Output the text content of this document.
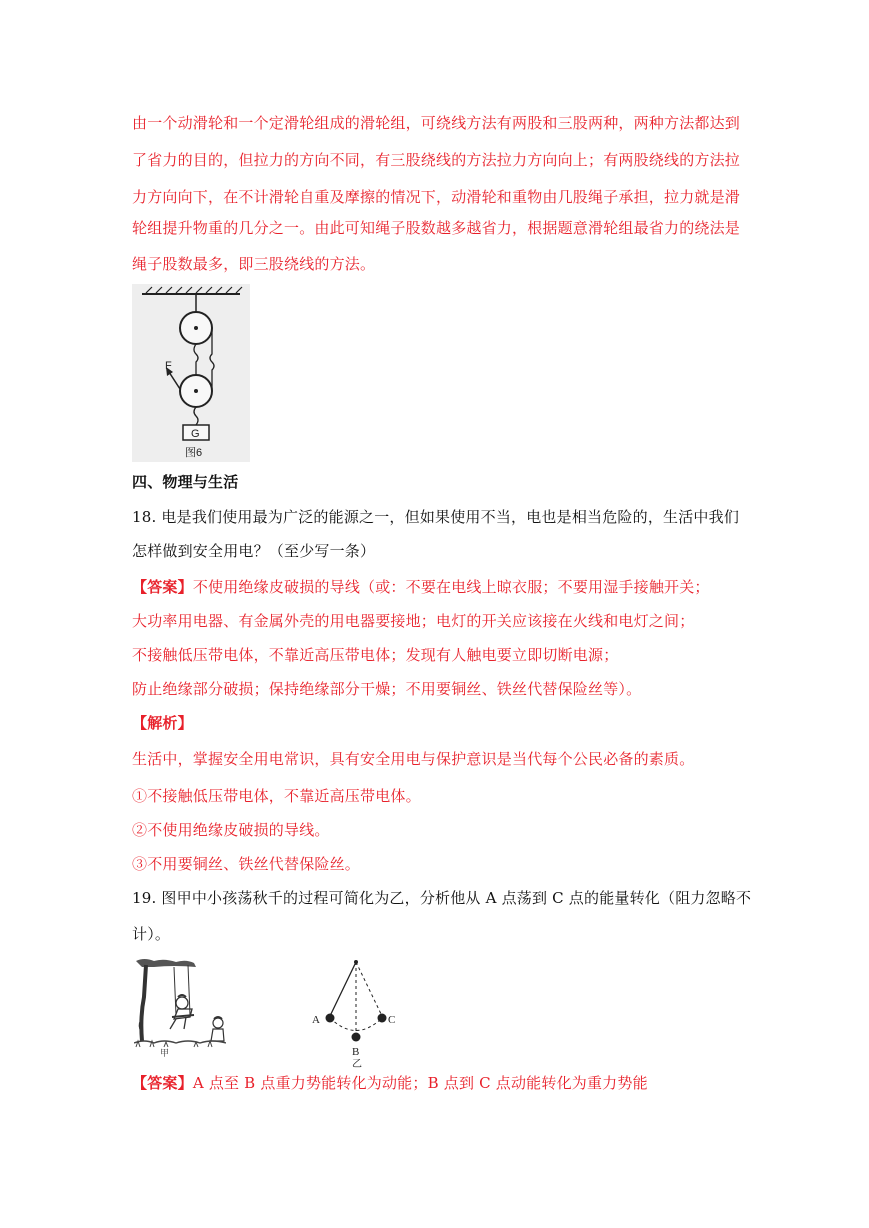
由一个动滑轮和一个定滑轮组成的滑轮组，可绕线方法有两股和三股两种，两种方法都达到
了省力的目的，但拉力的方向不同，有三股绕线的方法拉力方向向上；有两股绕线的方法拉
力方向向下，在不计滑轮自重及摩擦的情况下，动滑轮和重物由几股绳子承担，拉力就是滑
轮组提升物重的几分之一。由此可知绳子股数越多越省力，根据题意滑轮组最省力的绕法是
绳子股数最多，即三股绕线的方法。
F
G
图6
四、物理与生活
18. 电是我们使用最为广泛的能源之一，但如果使用不当，电也是相当危险的，生活中我们
怎样做到安全用电？（至少写一条）
【答案】不使用绝缘皮破损的导线（或：不要在电线上晾衣服；不要用湿手接触开关；
大功率用电器、有金属外壳的用电器要接地；电灯的开关应该接在火线和电灯之间；
不接触低压带电体，不靠近高压带电体；发现有人触电要立即切断电源；
防止绝缘部分破损；保持绝缘部分干燥；不用要铜丝、铁丝代替保险丝等）。
【解析】
生活中，掌握安全用电常识，具有安全用电与保护意识是当代每个公民必备的素质。
①不接触低压带电体，不靠近高压带电体。
②不使用绝缘皮破损的导线。
③不用要铜丝、铁丝代替保险丝。
19. 图甲中小孩荡秋千的过程可简化为乙，分析他从 A 点荡到 C 点的能量转化（阻力忽略不
计）。
甲
A
B
C
乙
【答案】A 点至 B 点重力势能转化为动能；B 点到 C 点动能转化为重力势能
